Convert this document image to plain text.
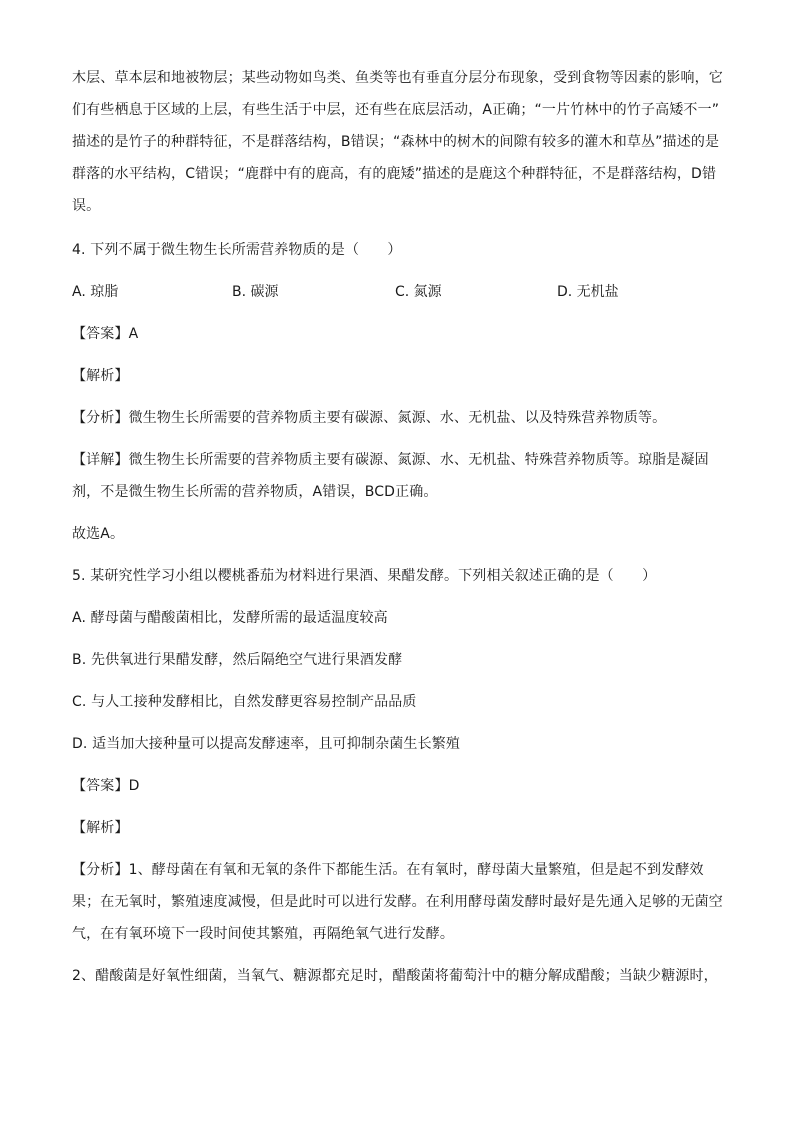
木层、草本层和地被物层；某些动物如鸟类、鱼类等也有垂直分层分布现象，受到食物等因素的影响，它
们有些栖息于区域的上层，有些生活于中层，还有些在底层活动，A正确；“一片竹林中的竹子高矮不一”
描述的是竹子的种群特征，不是群落结构，B错误；“森林中的树木的间隙有较多的灌木和草丛”描述的是
群落的水平结构，C错误；“鹿群中有的鹿高，有的鹿矮”描述的是鹿这个种群特征，不是群落结构，D错
误。
4. 下列不属于微生物生长所需营养物质的是（　　）
A. 琼脂	B. 碳源	C. 氮源	D. 无机盐
【答案】A
【解析】
【分析】微生物生长所需要的营养物质主要有碳源、氮源、水、无机盐、以及特殊营养物质等。
【详解】微生物生长所需要的营养物质主要有碳源、氮源、水、无机盐、特殊营养物质等。琼脂是凝固
剂，不是微生物生长所需的营养物质，A错误，BCD正确。
故选A。
5. 某研究性学习小组以樱桃番茄为材料进行果酒、果醋发酵。下列相关叙述正确的是（　　）
A. 酵母菌与醋酸菌相比，发酵所需的最适温度较高
B. 先供氧进行果醋发酵，然后隔绝空气进行果酒发酵
C. 与人工接种发酵相比，自然发酵更容易控制产品品质
D. 适当加大接种量可以提高发酵速率，且可抑制杂菌生长繁殖
【答案】D
【解析】
【分析】1、酵母菌在有氧和无氧的条件下都能生活。在有氧时，酵母菌大量繁殖，但是起不到发酵效
果；在无氧时，繁殖速度减慢，但是此时可以进行发酵。在利用酵母菌发酵时最好是先通入足够的无菌空
气，在有氧环境下一段时间使其繁殖，再隔绝氧气进行发酵。
2、醋酸菌是好氧性细菌，当氧气、糖源都充足时，醋酸菌将葡萄汁中的糖分解成醋酸；当缺少糖源时，
